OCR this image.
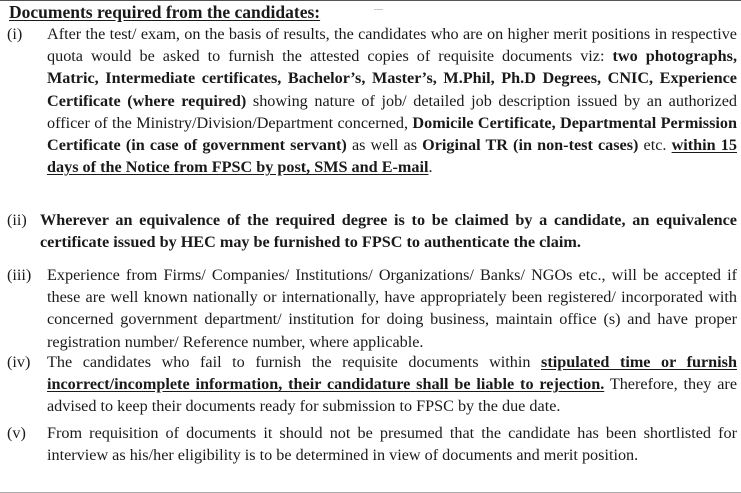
Documents required from the candidates:
(i) After the test/ exam, on the basis of results, the candidates who are on higher merit positions in respective quota would be asked to furnish the attested copies of requisite documents viz: two photographs, Matric, Intermediate certificates, Bachelor’s, Master’s, M.Phil, Ph.D Degrees, CNIC, Experience Certificate (where required) showing nature of job/ detailed job description issued by an authorized officer of the Ministry/Division/Department concerned, Domicile Certificate, Departmental Permission Certificate (in case of government servant) as well as Original TR (in non-test cases) etc. within 15 days of the Notice from FPSC by post, SMS and E-mail.

(ii) Wherever an equivalence of the required degree is to be claimed by a candidate, an equivalence certificate issued by HEC may be furnished to FPSC to authenticate the claim.

(iii) Experience from Firms/ Companies/ Institutions/ Organizations/ Banks/ NGOs etc., will be accepted if these are well known nationally or internationally, have appropriately been registered/ incorporated with concerned government department/ institution for doing business, maintain office (s) and have proper registration number/ Reference number, where applicable.

(iv) The candidates who fail to furnish the requisite documents within stipulated time or furnish incorrect/incomplete information, their candidature shall be liable to rejection. Therefore, they are advised to keep their documents ready for submission to FPSC by the due date.

(v) From requisition of documents it should not be presumed that the candidate has been shortlisted for interview as his/her eligibility is to be determined in view of documents and merit position.
